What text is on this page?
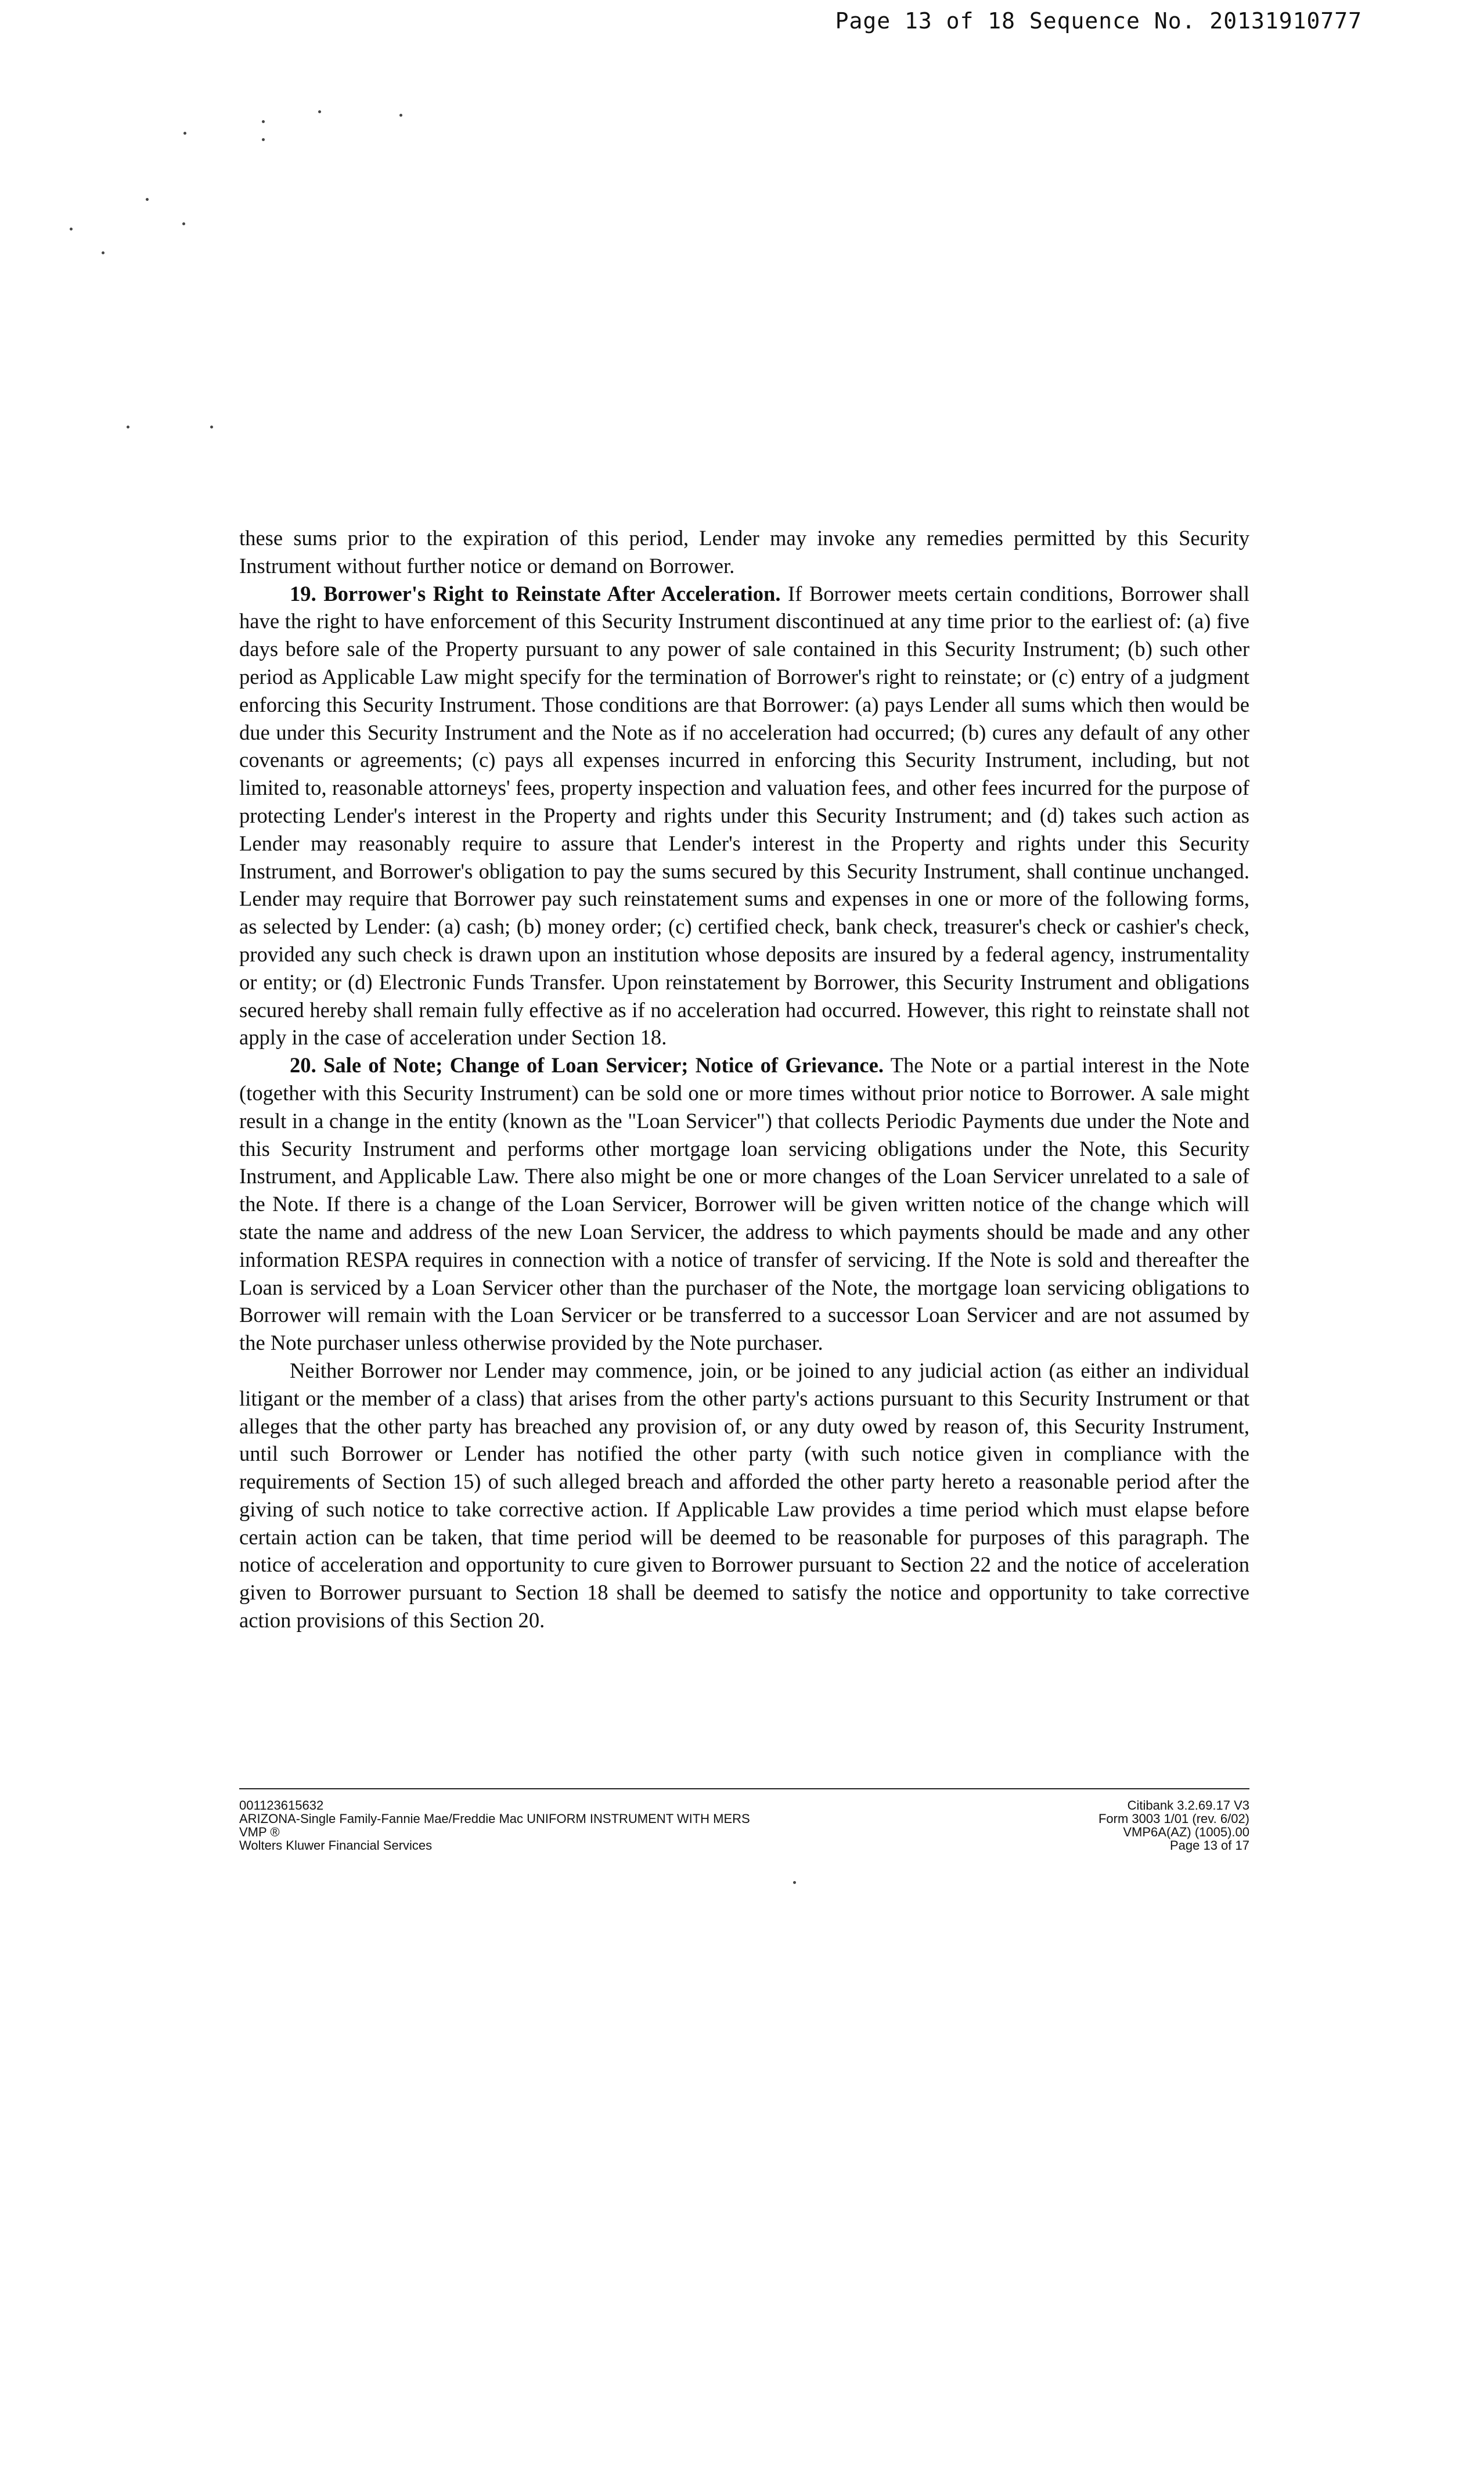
Page 13 of 18 Sequence No. 20131910777

these sums prior to the expiration of this period, Lender may invoke any remedies permitted by this Security Instrument without further notice or demand on Borrower.

19. Borrower's Right to Reinstate After Acceleration. If Borrower meets certain conditions, Borrower shall have the right to have enforcement of this Security Instrument discontinued at any time prior to the earliest of: (a) five days before sale of the Property pursuant to any power of sale contained in this Security Instrument; (b) such other period as Applicable Law might specify for the termination of Borrower's right to reinstate; or (c) entry of a judgment enforcing this Security Instrument. Those conditions are that Borrower: (a) pays Lender all sums which then would be due under this Security Instrument and the Note as if no acceleration had occurred; (b) cures any default of any other covenants or agreements; (c) pays all expenses incurred in enforcing this Security Instrument, including, but not limited to, reasonable attorneys' fees, property inspection and valuation fees, and other fees incurred for the purpose of protecting Lender's interest in the Property and rights under this Security Instrument; and (d) takes such action as Lender may reasonably require to assure that Lender's interest in the Property and rights under this Security Instrument, and Borrower's obligation to pay the sums secured by this Security Instrument, shall continue unchanged. Lender may require that Borrower pay such reinstatement sums and expenses in one or more of the following forms, as selected by Lender: (a) cash; (b) money order; (c) certified check, bank check, treasurer's check or cashier's check, provided any such check is drawn upon an institution whose deposits are insured by a federal agency, instrumentality or entity; or (d) Electronic Funds Transfer. Upon reinstatement by Borrower, this Security Instrument and obligations secured hereby shall remain fully effective as if no acceleration had occurred. However, this right to reinstate shall not apply in the case of acceleration under Section 18.

20. Sale of Note; Change of Loan Servicer; Notice of Grievance. The Note or a partial interest in the Note (together with this Security Instrument) can be sold one or more times without prior notice to Borrower. A sale might result in a change in the entity (known as the "Loan Servicer") that collects Periodic Payments due under the Note and this Security Instrument and performs other mortgage loan servicing obligations under the Note, this Security Instrument, and Applicable Law. There also might be one or more changes of the Loan Servicer unrelated to a sale of the Note. If there is a change of the Loan Servicer, Borrower will be given written notice of the change which will state the name and address of the new Loan Servicer, the address to which payments should be made and any other information RESPA requires in connection with a notice of transfer of servicing. If the Note is sold and thereafter the Loan is serviced by a Loan Servicer other than the purchaser of the Note, the mortgage loan servicing obligations to Borrower will remain with the Loan Servicer or be transferred to a successor Loan Servicer and are not assumed by the Note purchaser unless otherwise provided by the Note purchaser.

Neither Borrower nor Lender may commence, join, or be joined to any judicial action (as either an individual litigant or the member of a class) that arises from the other party's actions pursuant to this Security Instrument or that alleges that the other party has breached any provision of, or any duty owed by reason of, this Security Instrument, until such Borrower or Lender has notified the other party (with such notice given in compliance with the requirements of Section 15) of such alleged breach and afforded the other party hereto a reasonable period after the giving of such notice to take corrective action. If Applicable Law provides a time period which must elapse before certain action can be taken, that time period will be deemed to be reasonable for purposes of this paragraph. The notice of acceleration and opportunity to cure given to Borrower pursuant to Section 22 and the notice of acceleration given to Borrower pursuant to Section 18 shall be deemed to satisfy the notice and opportunity to take corrective action provisions of this Section 20.

001123615632
ARIZONA-Single Family-Fannie Mae/Freddie Mac UNIFORM INSTRUMENT WITH MERS
VMP ®
Wolters Kluwer Financial Services
Citibank 3.2.69.17 V3
Form 3003 1/01 (rev. 6/02)
VMP6A(AZ) (1005).00
Page 13 of 17
